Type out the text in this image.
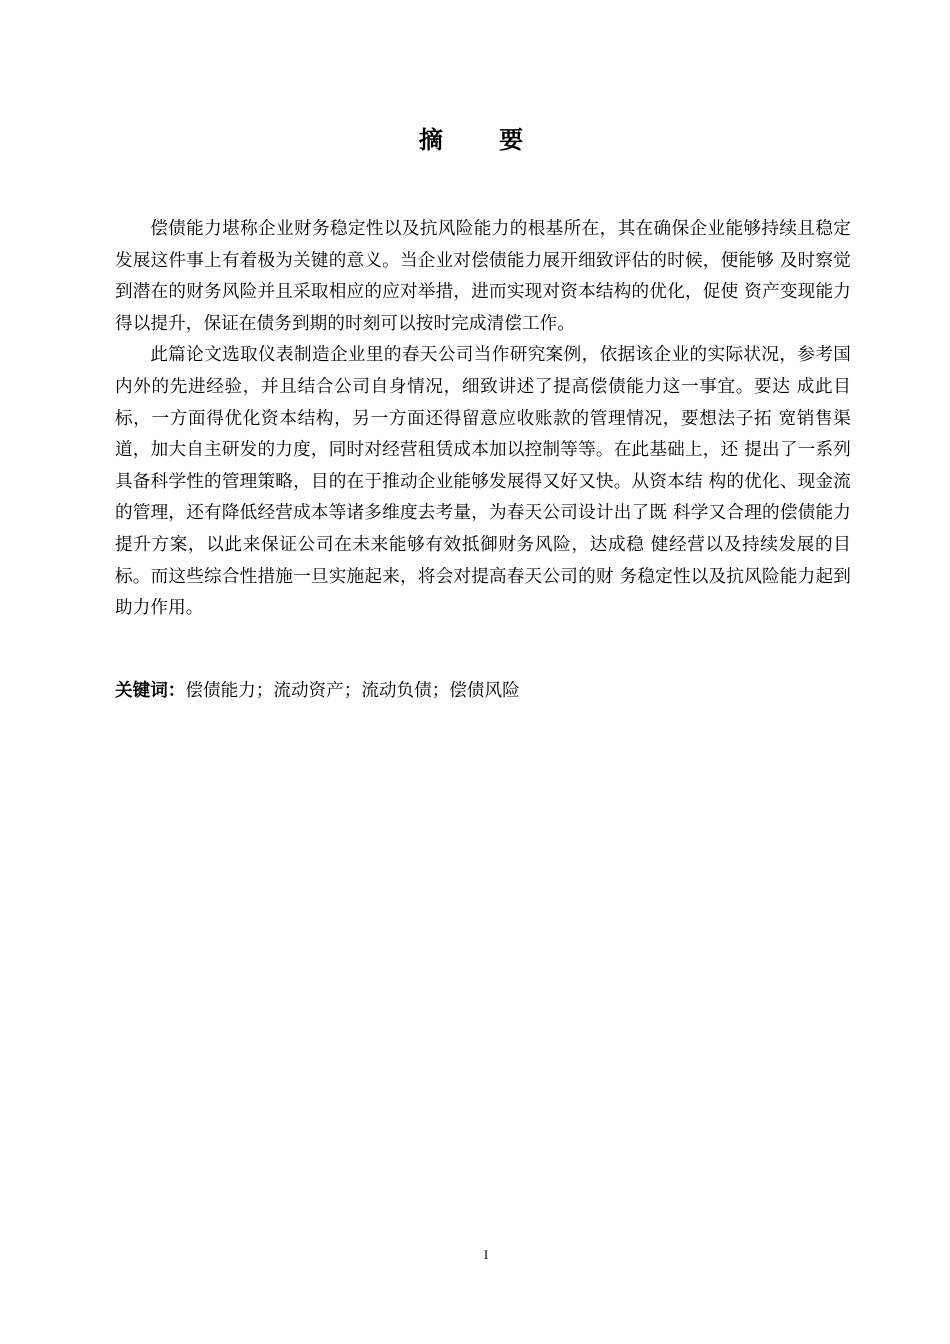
摘 要

偿债能力堪称企业财务稳定性以及抗风险能力的根基所在，其在确保企业能够持续且稳定发展这件事上有着极为关键的意义。当企业对偿债能力展开细致评估的时候，便能够 及时察觉到潜在的财务风险并且采取相应的应对举措，进而实现对资本结构的优化，促使 资产变现能力得以提升，保证在债务到期的时刻可以按时完成清偿工作。

此篇论文选取仪表制造企业里的春天公司当作研究案例，依据该企业的实际状况，参考国内外的先进经验，并且结合公司自身情况，细致讲述了提高偿债能力这一事宜。要达 成此目标，一方面得优化资本结构，另一方面还得留意应收账款的管理情况，要想法子拓 宽销售渠道，加大自主研发的力度，同时对经营租赁成本加以控制等等。在此基础上，还 提出了一系列具备科学性的管理策略，目的在于推动企业能够发展得又好又快。从资本结 构的优化、现金流的管理，还有降低经营成本等诸多维度去考量，为春天公司设计出了既 科学又合理的偿债能力提升方案，以此来保证公司在未来能够有效抵御财务风险，达成稳 健经营以及持续发展的目标。而这些综合性措施一旦实施起来，将会对提高春天公司的财 务稳定性以及抗风险能力起到助力作用。

关键词：偿债能力；流动资产；流动负债；偿债风险
I
